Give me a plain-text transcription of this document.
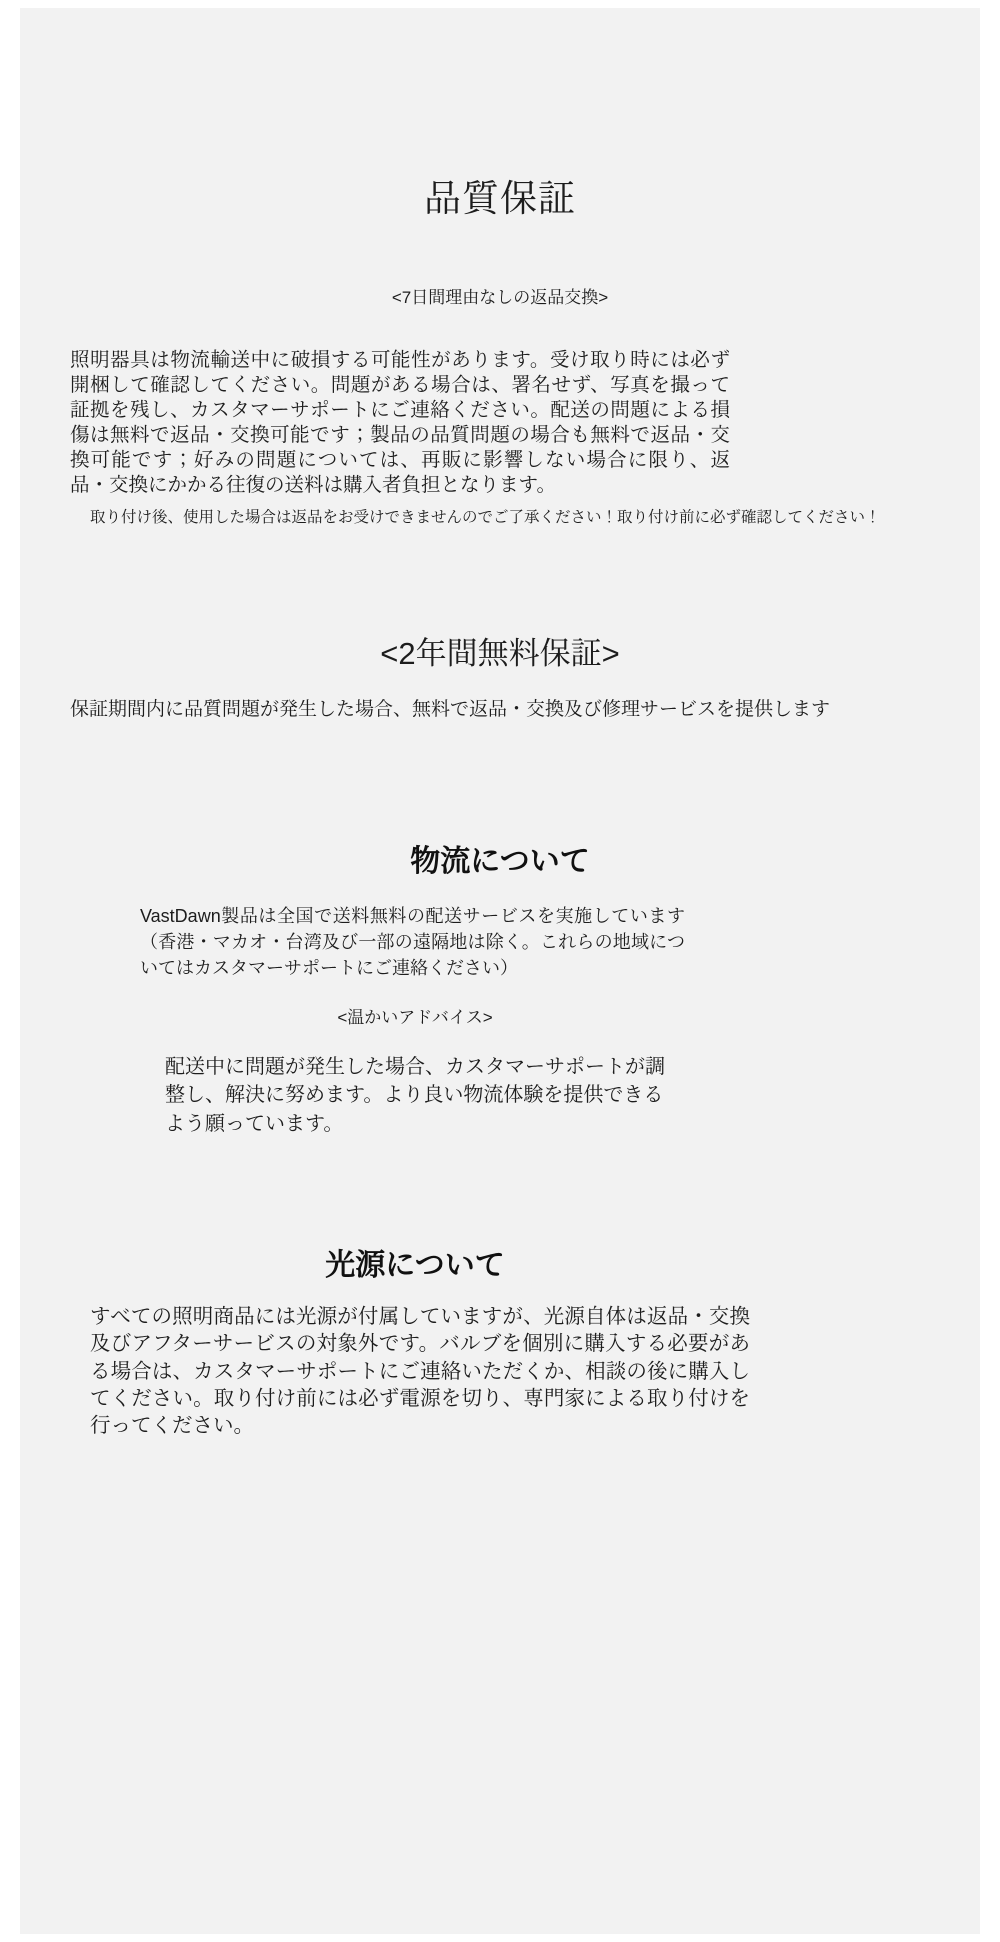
品質保証
<7日間理由なしの返品交換>
照明器具は物流輸送中に破損する可能性があります。受け取り時には必ず開梱して確認してください。問題がある場合は、署名せず、写真を撮って証拠を残し、カスタマーサポートにご連絡ください。配送の問題による損傷は無料で返品・交換可能です；製品の品質問題の場合も無料で返品・交換可能です；好みの問題については、再販に影響しない場合に限り、返品・交換にかかる往復の送料は購入者負担となります。
取り付け後、使用した場合は返品をお受けできませんのでご了承ください！取り付け前に必ず確認してください！
<2年間無料保証>
保証期間内に品質問題が発生した場合、無料で返品・交換及び修理サービスを提供します
物流について
VastDawn製品は全国で送料無料の配送サービスを実施しています（香港・マカオ・台湾及び一部の遠隔地は除く。これらの地域についてはカスタマーサポートにご連絡ください）
<温かいアドバイス>
配送中に問題が発生した場合、カスタマーサポートが調整し、解決に努めます。より良い物流体験を提供できるよう願っています。
光源について
すべての照明商品には光源が付属していますが、光源自体は返品・交換及びアフターサービスの対象外です。バルブを個別に購入する必要がある場合は、カスタマーサポートにご連絡いただくか、相談の後に購入してください。取り付け前には必ず電源を切り、専門家による取り付けを行ってください。
